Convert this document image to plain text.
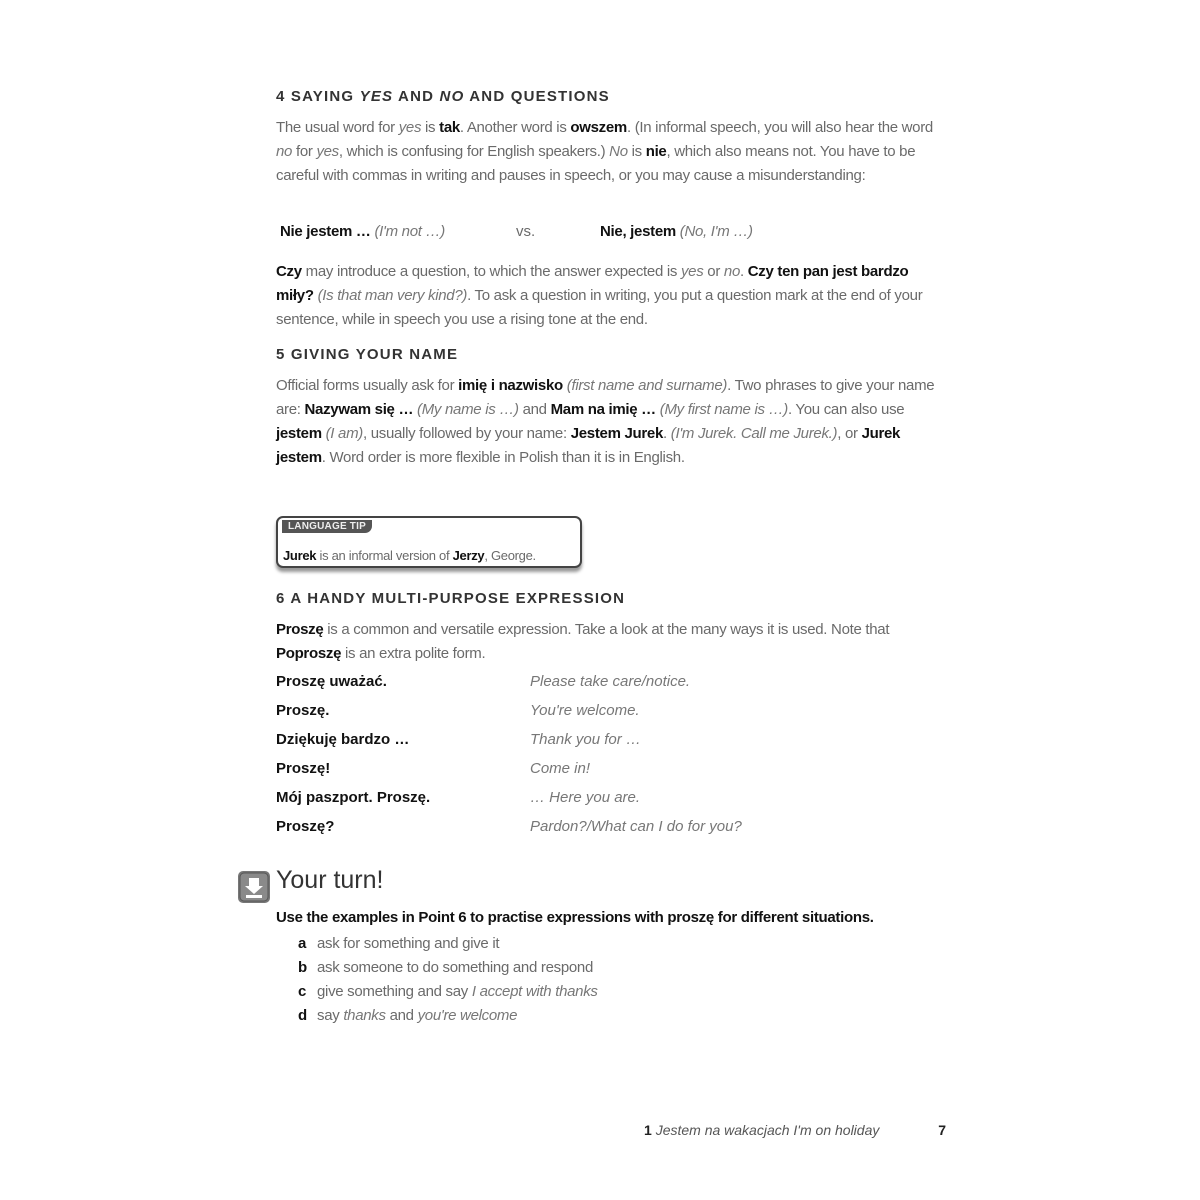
4 SAYING YES AND NO AND QUESTIONS
The usual word for yes is tak. Another word is owszem. (In informal speech, you will also hear the word no for yes, which is confusing for English speakers.) No is nie, which also means not. You have to be careful with commas in writing and pauses in speech, or you may cause a misunderstanding:
Nie jestem … (I'm not …)	vs.	Nie, jestem (No, I'm …)
Czy may introduce a question, to which the answer expected is yes or no. Czy ten pan jest bardzo miły? (Is that man very kind?). To ask a question in writing, you put a question mark at the end of your sentence, while in speech you use a rising tone at the end.
5 GIVING YOUR NAME
Official forms usually ask for imię i nazwisko (first name and surname). Two phrases to give your name are: Nazywam się … (My name is …) and Mam na imię … (My first name is …). You can also use jestem (I am), usually followed by your name: Jestem Jurek. (I'm Jurek. Call me Jurek.), or Jurek jestem. Word order is more flexible in Polish than it is in English.
LANGUAGE TIP
Jurek is an informal version of Jerzy, George.
6 A HANDY MULTI-PURPOSE EXPRESSION
Proszę is a common and versatile expression. Take a look at the many ways it is used. Note that Poproszę is an extra polite form.
Proszę uważać.	Please take care/notice.
Proszę.	You're welcome.
Dziękuję bardzo …	Thank you for …
Proszę!	Come in!
Mój paszport. Proszę.	… Here you are.
Proszę?	Pardon?/What can I do for you?
Your turn!
Use the examples in Point 6 to practise expressions with proszę for different situations.
a ask for something and give it
b ask someone to do something and respond
c give something and say I accept with thanks
d say thanks and you're welcome
1 Jestem na wakacjach I'm on holiday	7
